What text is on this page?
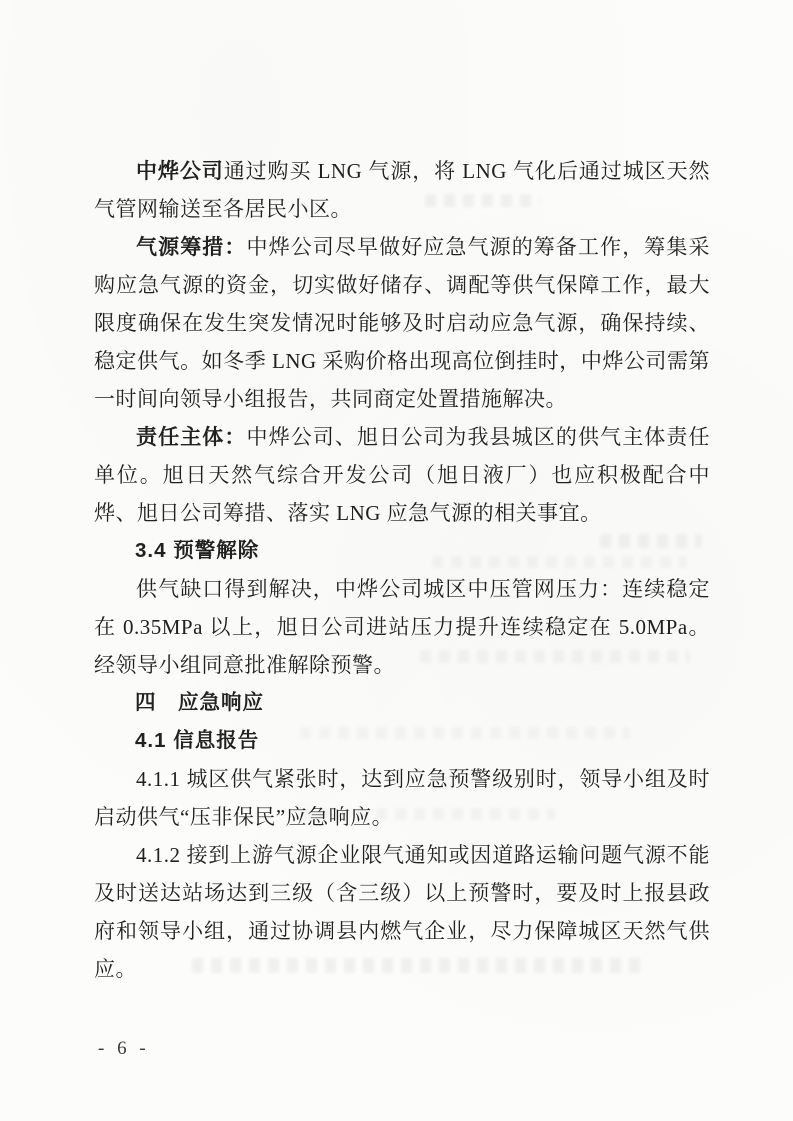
中烨公司通过购买 LNG 气源，将 LNG 气化后通过城区天然气管网输送至各居民小区。

气源筹措：中烨公司尽早做好应急气源的筹备工作，筹集采购应急气源的资金，切实做好储存、调配等供气保障工作，最大限度确保在发生突发情况时能够及时启动应急气源，确保持续、稳定供气。如冬季 LNG 采购价格出现高位倒挂时，中烨公司需第一时间向领导小组报告，共同商定处置措施解决。

责任主体：中烨公司、旭日公司为我县城区的供气主体责任单位。旭日天然气综合开发公司（旭日液厂）也应积极配合中烨、旭日公司筹措、落实 LNG 应急气源的相关事宜。

3.4 预警解除

供气缺口得到解决，中烨公司城区中压管网压力：连续稳定在 0.35MPa 以上，旭日公司进站压力提升连续稳定在 5.0MPa。经领导小组同意批准解除预警。

四　应急响应

4.1 信息报告

4.1.1 城区供气紧张时，达到应急预警级别时，领导小组及时启动供气“压非保民”应急响应。

4.1.2 接到上游气源企业限气通知或因道路运输问题气源不能及时送达站场达到三级（含三级）以上预警时，要及时上报县政府和领导小组，通过协调县内燃气企业，尽力保障城区天然气供应。

- 6 -
